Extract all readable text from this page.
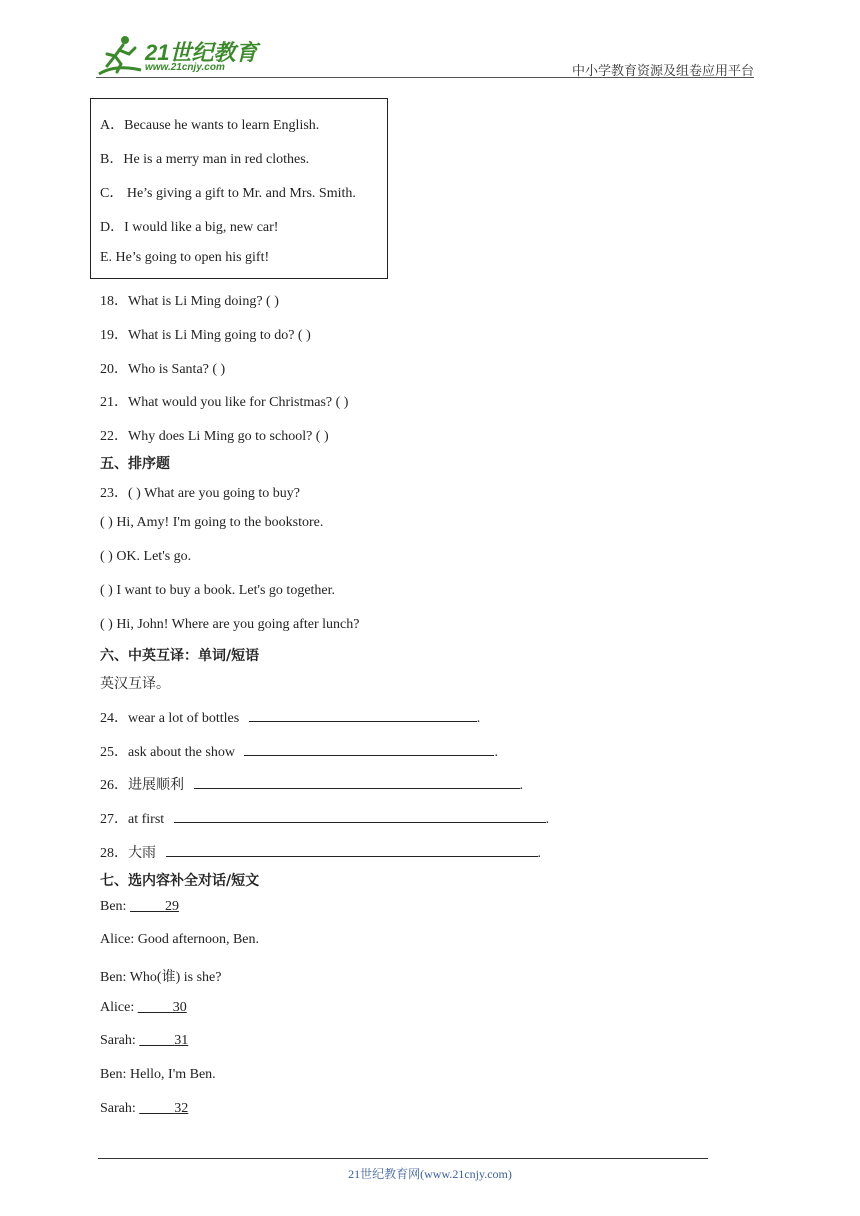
21世纪教育
www.21cnjy.com	中小学教育资源及组卷应用平台
A．Because he wants to learn English.
B．He is a merry man in red clothes.
C． He’s giving a gift to Mr. and Mrs. Smith.
D．I would like a big, new car!
E. He’s going to open his gift!
18．What is Li Ming doing? ( )
19．What is Li Ming going to do? ( )
20．Who is Santa? ( )
21．What would you like for Christmas? ( )
22．Why does Li Ming go to school? ( )
五、排序题
23．( ) What are you going to buy?
( ) Hi, Amy! I'm going to the bookstore.
( ) OK. Let's go.
( ) I want to buy a book. Let's go together.
( ) Hi, John! Where are you going after lunch?
六、中英互译：单词/短语
英汉互译。
24．wear a lot of bottles	.
25．ask about the show	.
26．进展顺利	.
27．at first	.
28．大雨	.
七、选内容补全对话/短文
Ben:	29
Alice: Good afternoon, Ben.
Ben: Who(谁) is she?
Alice:	30
Sarah:	31
Ben: Hello, I'm Ben.
Sarah:	32
21世纪教育网(www.21cnjy.com)
